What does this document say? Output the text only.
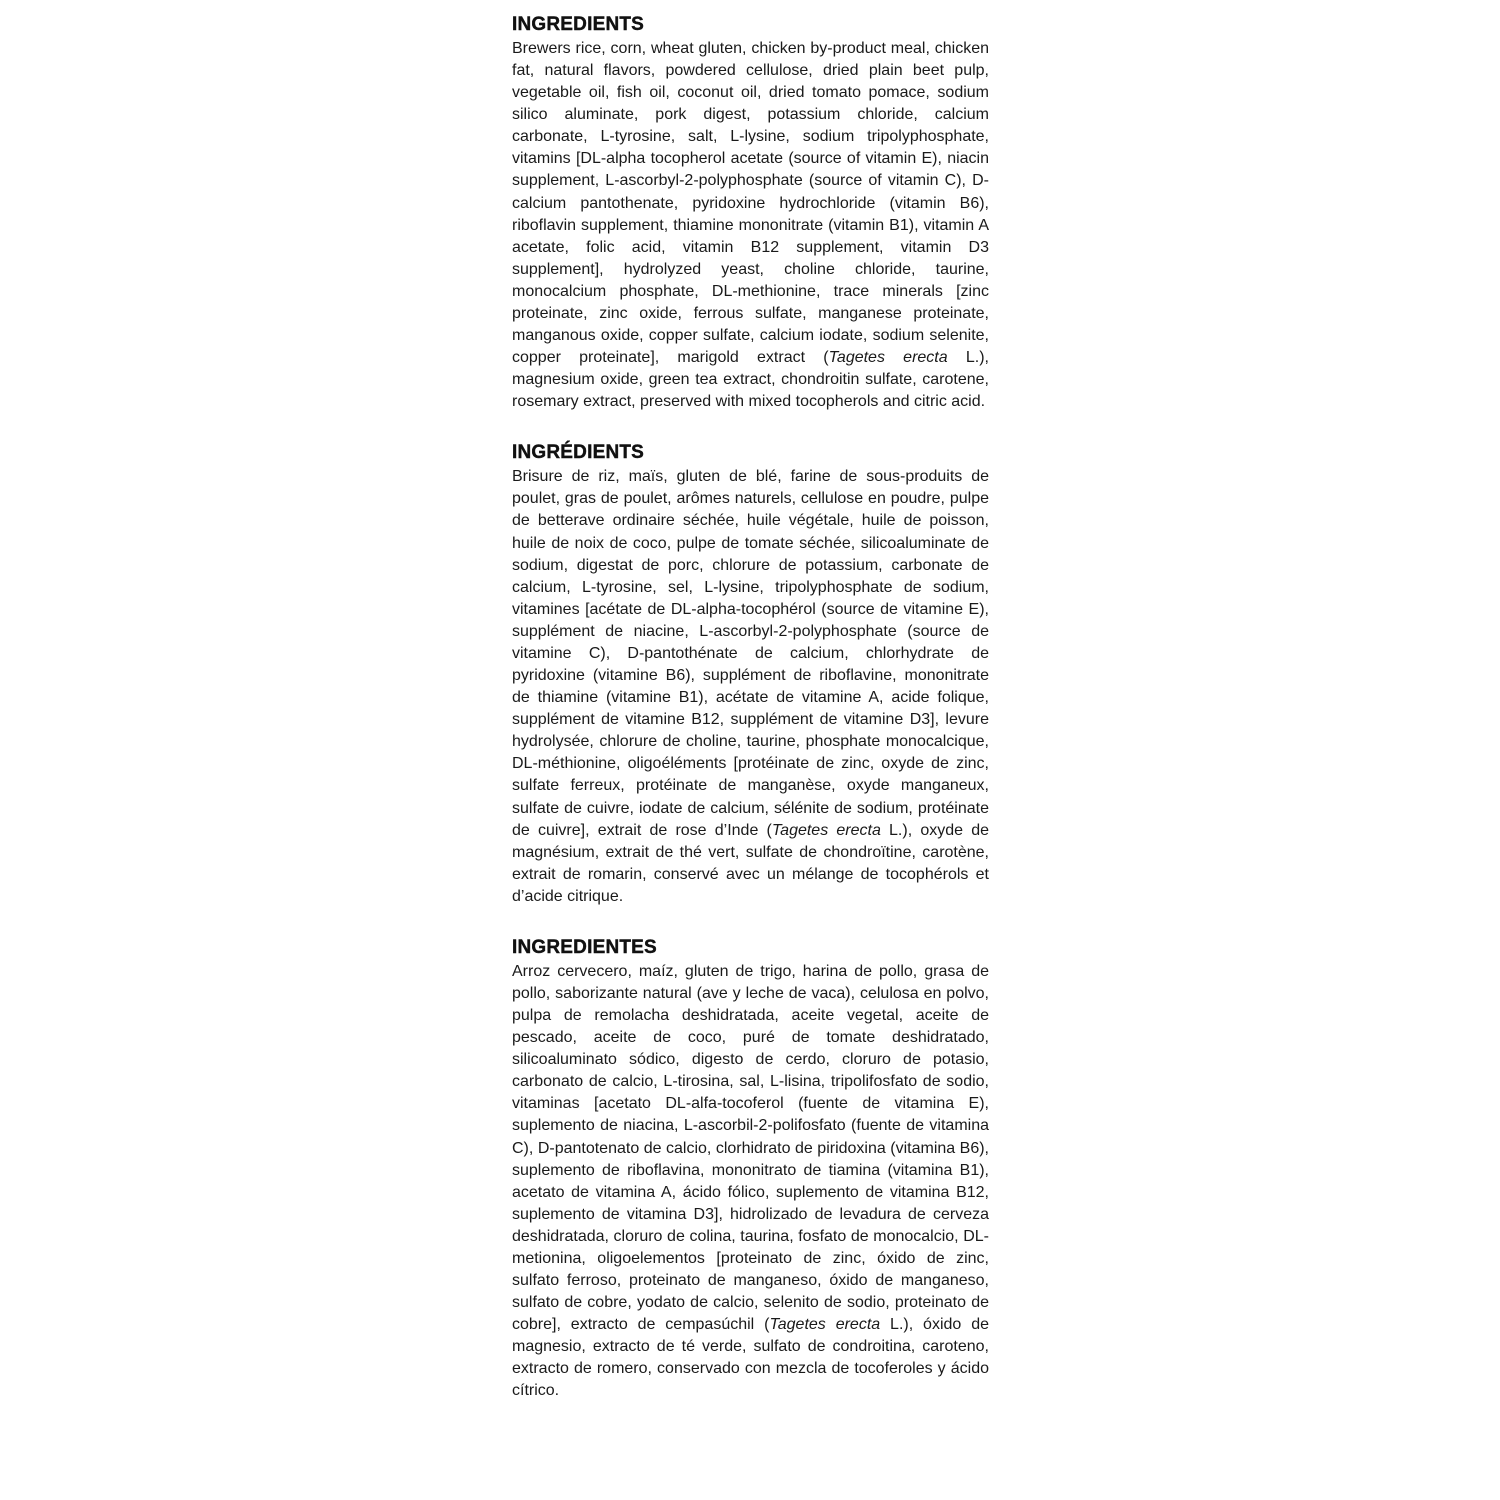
INGREDIENTS

Brewers rice, corn, wheat gluten, chicken by-product meal, chicken fat, natural flavors, powdered cellulose, dried plain beet pulp, vegetable oil, fish oil, coconut oil, dried tomato pomace, sodium silico aluminate, pork digest, potassium chloride, calcium carbonate, L-tyrosine, salt, L-lysine, sodium tripolyphosphate, vitamins [DL-alpha tocopherol acetate (source of vitamin E), niacin supplement, L-ascorbyl-2-polyphosphate (source of vitamin C), D-calcium pantothenate, pyridoxine hydrochloride (vitamin B6), riboflavin supplement, thiamine mononitrate (vitamin B1), vitamin A acetate, folic acid, vitamin B12 supplement, vitamin D3 supplement], hydrolyzed yeast, choline chloride, taurine, monocalcium phosphate, DL-methionine, trace minerals [zinc proteinate, zinc oxide, ferrous sulfate, manganese proteinate, manganous oxide, copper sulfate, calcium iodate, sodium selenite, copper proteinate], marigold extract (Tagetes erecta L.), magnesium oxide, green tea extract, chondroitin sulfate, carotene, rosemary extract, preserved with mixed tocopherols and citric acid.

INGRÉDIENTS

Brisure de riz, maïs, gluten de blé, farine de sous-produits de poulet, gras de poulet, arômes naturels, cellulose en poudre, pulpe de betterave ordinaire séchée, huile végétale, huile de poisson, huile de noix de coco, pulpe de tomate séchée, silicoaluminate de sodium, digestat de porc, chlorure de potassium, carbonate de calcium, L-tyrosine, sel, L-lysine, tripolyphosphate de sodium, vitamines [acétate de DL-alpha-tocophérol (source de vitamine E), supplément de niacine, L-ascorbyl-2-polyphosphate (source de vitamine C), D-pantothénate de calcium, chlorhydrate de pyridoxine (vitamine B6), supplément de riboflavine, mononitrate de thiamine (vitamine B1), acétate de vitamine A, acide folique, supplément de vitamine B12, supplément de vitamine D3], levure hydrolysée, chlorure de choline, taurine, phosphate monocalcique, DL-méthionine, oligoéléments [protéinate de zinc, oxyde de zinc, sulfate ferreux, protéinate de manganèse, oxyde manganeux, sulfate de cuivre, iodate de calcium, sélénite de sodium, protéinate de cuivre], extrait de rose d’Inde (Tagetes erecta L.), oxyde de magnésium, extrait de thé vert, sulfate de chondroïtine, carotène, extrait de romarin, conservé avec un mélange de tocophérols et d’acide citrique.

INGREDIENTES

Arroz cervecero, maíz, gluten de trigo, harina de pollo, grasa de pollo, saborizante natural (ave y leche de vaca), celulosa en polvo, pulpa de remolacha deshidratada, aceite vegetal, aceite de pescado, aceite de coco, puré de tomate deshidratado, silicoaluminato sódico, digesto de cerdo, cloruro de potasio, carbonato de calcio, L-tirosina, sal, L-lisina, tripolifosfato de sodio, vitaminas [acetato DL-alfa-tocoferol (fuente de vitamina E), suplemento de niacina, L-ascorbil-2-polifosfato (fuente de vitamina C), D-pantotenato de calcio, clorhidrato de piridoxina (vitamina B6), suplemento de riboflavina, mononitrato de tiamina (vitamina B1), acetato de vitamina A, ácido fólico, suplemento de vitamina B12, suplemento de vitamina D3], hidrolizado de levadura de cerveza deshidratada, cloruro de colina, taurina, fosfato de monocalcio, DL-metionina, oligoelementos [proteinato de zinc, óxido de zinc, sulfato ferroso, proteinato de manganeso, óxido de manganeso, sulfato de cobre, yodato de calcio, selenito de sodio, proteinato de cobre], extracto de cempasúchil (Tagetes erecta L.), óxido de magnesio, extracto de té verde, sulfato de condroitina, caroteno, extracto de romero, conservado con mezcla de tocoferoles y ácido cítrico.
